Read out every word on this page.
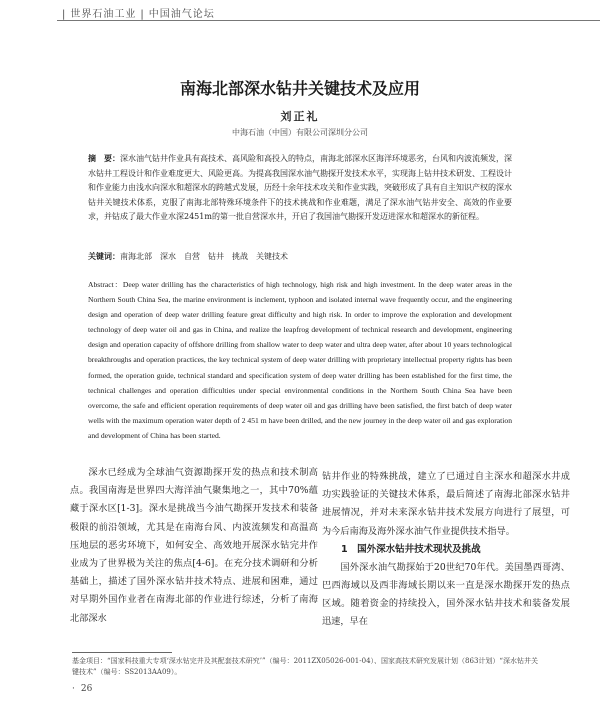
| 世界石油工业 | 中国油气论坛
南海北部深水钻井关键技术及应用
刘正礼
中海石油（中国）有限公司深圳分公司
摘　要：深水油气钻井作业具有高技术、高风险和高投入的特点，南海北部深水区海洋环境恶劣，台风和内波流频发，深水钻井工程设计和作业难度更大、风险更高。为提高我国深水油气勘探开发技术水平，实现海上钻井技术研发、工程设计和作业能力由浅水向深水和超深水的跨越式发展，历经十余年技术攻关和作业实践，突破形成了具有自主知识产权的深水钻井关键技术体系，克服了南海北部特殊环境条件下的技术挑战和作业难题，满足了深水油气钻井安全、高效的作业要求，并钻成了最大作业水深2451m的第一批自营深水井，开启了我国油气勘探开发迈进深水和超深水的新征程。
关键词：南海北部　深水　自营　钻井　挑战　关键技术
Abstract：Deep water drilling has the characteristics of high technology, high risk and high investment. In the deep water areas in the Northern South China Sea, the marine environment is inclement, typhoon and isolated internal wave frequently occur, and the engineering design and operation of deep water drilling feature great difficulty and high risk. In order to improve the exploration and development technology of deep water oil and gas in China, and realize the leapfrog development of technical research and development, engineering design and operation capacity of offshore drilling from shallow water to deep water and ultra deep water, after about 10 years technological breakthroughs and operation practices, the key technical system of deep water drilling with proprietary intellectual property rights has been formed, the operation guide, technical standard and specification system of deep water drilling has been established for the first time, the technical challenges and operation difficulties under special environmental conditions in the Northern South China Sea have been overcome, the safe and efficient operation requirements of deep water oil and gas drilling have been satisfied, the first batch of deep water wells with the maximum operation water depth of 2 451 m have been drilled, and the new journey in the deep water oil and gas exploration and development of China has been started.

深水已经成为全球油气资源勘探开发的热点和技术制高点。我国南海是世界四大海洋油气聚集地之一，其中70%蕴藏于深水区[1-3]。深水是挑战当今油气勘探开发技术和装备极限的前沿领域，尤其是在南海台风、内波流频发和高温高压地层的恶劣环境下，如何安全、高效地开展深水钻完井作业成为了世界极为关注的焦点[4-6]。在充分技术调研和分析基础上，描述了国外深水钻井技术特点、进展和困难，通过对早期外国作业者在南海北部的作业进行综述，分析了南海北部深水

钻井作业的特殊挑战，建立了已通过自主深水和超深水井成功实践验证的关键技术体系，最后简述了南海北部深水钻井进展情况，并对未来深水钻井技术发展方向进行了展望，可为今后南海及海外深水油气作业提供技术指导。

1　国外深水钻井技术现状及挑战

国外深水油气勘探始于20世纪70年代。美国墨西哥湾、巴西海域以及西非海域长期以来一直是深水勘探开发的热点区域。随着资金的持续投入，国外深水钻井技术和装备发展迅速，早在

基金项目：“国家科技重大专项‘深水钻完井及其配套技术研究’”（编号：2011ZX05026-001-04）、国家高技术研究发展计划（863计划）“深水钻井关键技术”（编号：SS2013AA09）。
· 26
